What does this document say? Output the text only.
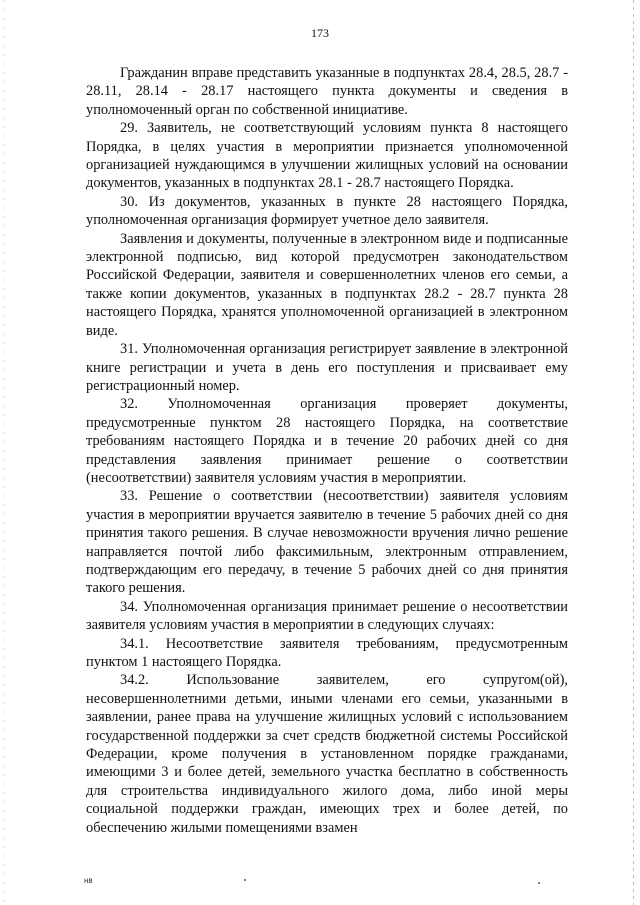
173

Гражданин вправе представить указанные в подпунктах 28.4, 28.5, 28.7 - 28.11, 28.14 - 28.17 настоящего пункта документы и сведения в уполномоченный орган по собственной инициативе.

29. Заявитель, не соответствующий условиям пункта 8 настоящего Порядка, в целях участия в мероприятии признается уполномоченной организацией нуждающимся в улучшении жилищных условий на основании документов, указанных в подпунктах 28.1 - 28.7 настоящего Порядка.

30. Из документов, указанных в пункте 28 настоящего Порядка, уполномоченная организация формирует учетное дело заявителя.

Заявления и документы, полученные в электронном виде и подписанные электронной подписью, вид которой предусмотрен законодательством Российской Федерации, заявителя и совершеннолетних членов его семьи, а также копии документов, указанных в подпунктах 28.2 - 28.7 пункта 28 настоящего Порядка, хранятся уполномоченной организацией в электронном виде.

31. Уполномоченная организация регистрирует заявление в электронной книге регистрации и учета в день его поступления и присваивает ему регистрационный номер.

32. Уполномоченная организация проверяет документы, предусмотренные пунктом 28 настоящего Порядка, на соответствие требованиям настоящего Порядка и в течение 20 рабочих дней со дня представления заявления принимает решение о соответствии (несоответствии) заявителя условиям участия в мероприятии.

33. Решение о соответствии (несоответствии) заявителя условиям участия в мероприятии вручается заявителю в течение 5 рабочих дней со дня принятия такого решения. В случае невозможности вручения лично решение направляется почтой либо факсимильным, электронным отправлением, подтверждающим его передачу, в течение 5 рабочих дней со дня принятия такого решения.

34. Уполномоченная организация принимает решение о несоответствии заявителя условиям участия в мероприятии в следующих случаях:

34.1. Несоответствие заявителя требованиям, предусмотренным пунктом 1 настоящего Порядка.

34.2. Использование заявителем, его супругом(ой), несовершеннолетними детьми, иными членами его семьи, указанными в заявлении, ранее права на улучшение жилищных условий с использованием государственной поддержки за счет средств бюджетной системы Российской Федерации, кроме получения в установленном порядке гражданами, имеющими 3 и более детей, земельного участка бесплатно в собственность для строительства индивидуального жилого дома, либо иной меры социальной поддержки граждан, имеющих трех и более детей, по обеспечению жилыми помещениями взамен

нв
